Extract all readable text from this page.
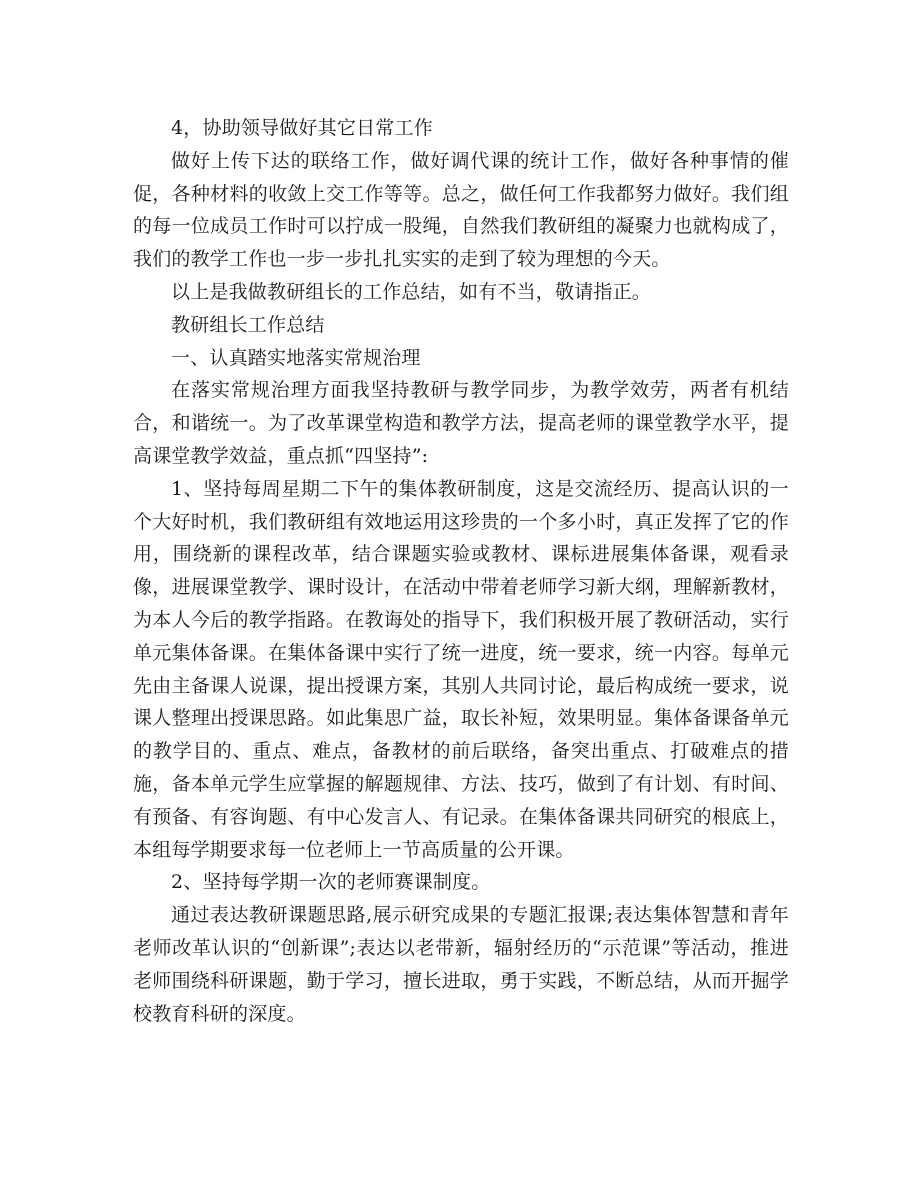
4，协助领导做好其它日常工作

做好上传下达的联络工作，做好调代课的统计工作，做好各种事情的催促，各种材料的收敛上交工作等等。总之，做任何工作我都努力做好。我们组的每一位成员工作时可以拧成一股绳，自然我们教研组的凝聚力也就构成了，我们的教学工作也一步一步扎扎实实的走到了较为理想的今天。

以上是我做教研组长的工作总结，如有不当，敬请指正。

教研组长工作总结

一、认真踏实地落实常规治理

在落实常规治理方面我坚持教研与教学同步，为教学效劳，两者有机结合，和谐统一。为了改革课堂构造和教学方法，提高老师的课堂教学水平，提高课堂教学效益，重点抓“四坚持”:

1、坚持每周星期二下午的集体教研制度，这是交流经历、提高认识的一个大好时机，我们教研组有效地运用这珍贵的一个多小时，真正发挥了它的作用，围绕新的课程改革，结合课题实验或教材、课标进展集体备课，观看录像，进展课堂教学、课时设计，在活动中带着老师学习新大纲，理解新教材，为本人今后的教学指路。在教诲处的指导下，我们积极开展了教研活动，实行单元集体备课。在集体备课中实行了统一进度，统一要求，统一内容。每单元先由主备课人说课，提出授课方案，其别人共同讨论，最后构成统一要求，说课人整理出授课思路。如此集思广益，取长补短，效果明显。集体备课备单元的教学目的、重点、难点，备教材的前后联络，备突出重点、打破难点的措施，备本单元学生应掌握的解题规律、方法、技巧，做到了有计划、有时间、有预备、有容询题、有中心发言人、有记录。在集体备课共同研究的根底上，本组每学期要求每一位老师上一节高质量的公开课。

2、坚持每学期一次的老师赛课制度。

通过表达教研课题思路,展示研究成果的专题汇报课;表达集体智慧和青年老师改革认识的“创新课”;表达以老带新，辐射经历的“示范课”等活动，推进老师围绕科研课题，勤于学习，擅长进取，勇于实践，不断总结，从而开掘学校教育科研的深度。
